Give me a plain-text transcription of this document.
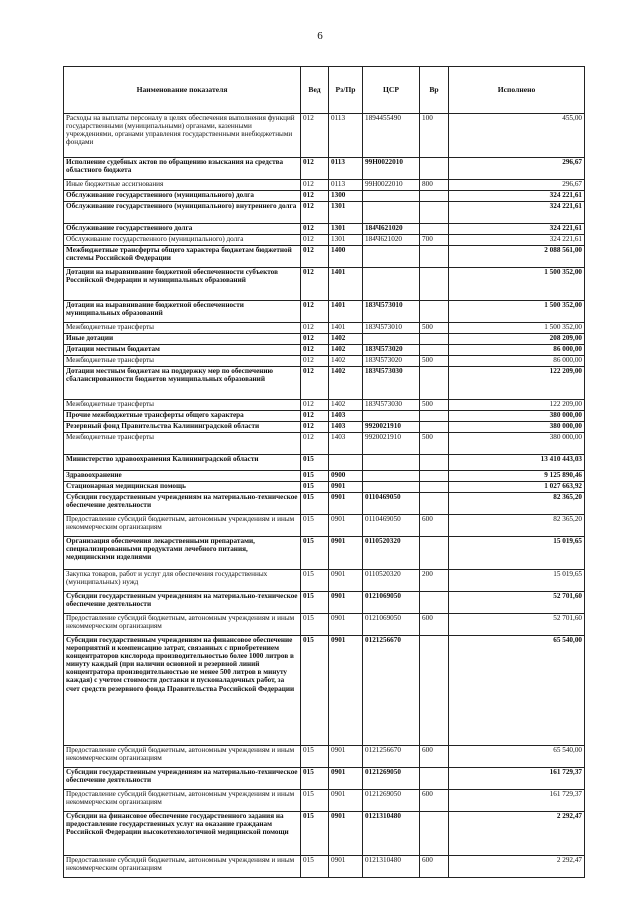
6
Наименование показателя	Вед	Рз/Пр	ЦСР	Вр	Исполнено
Расходы на выплаты персоналу в целях обеспечения выполнения функций государственными (муниципальными) органами, казенными учреждениями, органами управления государственными внебюджетными фондами	012	0113	1894455490	100	455,00
Исполнение судебных актов по обращению взыскания на средства областного бюджета	012	0113	99Н0022010		296,67
Иные бюджетные ассигнования	012	0113	99Н0022010	800	296,67
Обслуживание государственного (муниципального) долга	012	1300			324 221,61
Обслуживание государственного (муниципального) внутреннего долга	012	1301			324 221,61
Обслуживание государственного долга	012	1301	184Ч621020		324 221,61
Обслуживание государственного (муниципального) долга	012	1301	184Ч621020	700	324 221,61
Межбюджетные трансферты общего характера бюджетам бюджетной системы Российской Федерации	012	1400			2 088 561,00
Дотации на выравнивание бюджетной обеспеченности субъектов Российской Федерации и муниципальных образований	012	1401			1 500 352,00
Дотации на выравнивание бюджетной обеспеченности муниципальных образований	012	1401	183Ч573010		1 500 352,00
Межбюджетные трансферты	012	1401	183Ч573010	500	1 500 352,00
Иные дотации	012	1402			208 209,00
Дотации местным бюджетам	012	1402	183Ч573020		86 000,00
Межбюджетные трансферты	012	1402	183Ч573020	500	86 000,00
Дотации местным бюджетам на поддержку мер по обеспечению сбалансированности бюджетов муниципальных образований	012	1402	183Ч573030		122 209,00
Межбюджетные трансферты	012	1402	183Ч573030	500	122 209,00
Прочие межбюджетные трансферты общего характера	012	1403			380 000,00
Резервный фонд Правительства Калининградской области	012	1403	9920021910		380 000,00
Межбюджетные трансферты	012	1403	9920021910	500	380 000,00
Министерство здравоохранения Калининградской области	015				13 410 443,03
Здравоохранение	015	0900			9 125 890,46
Стационарная медицинская помощь	015	0901			1 027 663,92
Субсидии государственным учреждениям на материально-техническое обеспечение деятельности	015	0901	0110469050		82 365,20
Предоставление субсидий бюджетным, автономным учреждениям и иным некоммерческим организациям	015	0901	0110469050	600	82 365,20
Организация обеспечения лекарственными препаратами, специализированными продуктами лечебного питания, медицинскими изделиями	015	0901	0110520320		15 019,65
Закупка товаров, работ и услуг для обеспечения государственных (муниципальных) нужд	015	0901	0110520320	200	15 019,65
Субсидии государственным учреждениям на материально-техническое обеспечение деятельности	015	0901	0121069050		52 701,60
Предоставление субсидий бюджетным, автономным учреждениям и иным некоммерческим организациям	015	0901	0121069050	600	52 701,60
Субсидии государственным учреждениям на финансовое обеспечение мероприятий и компенсацию затрат, связанных с приобретением концентраторов кислорода производительностью более 1000 литров в минуту каждый (при наличии основной и резервной линий концентратора производительностью не менее 500 литров в минуту каждая) с учетом стоимости доставки и пусконаладочных работ, за счет средств резервного фонда Правительства Российской Федерации	015	0901	0121256670		65 540,00
Предоставление субсидий бюджетным, автономным учреждениям и иным некоммерческим организациям	015	0901	0121256670	600	65 540,00
Субсидии государственным учреждениям на материально-техническое обеспечение деятельности	015	0901	0121269050		161 729,37
Предоставление субсидий бюджетным, автономным учреждениям и иным некоммерческим организациям	015	0901	0121269050	600	161 729,37
Субсидии на финансовое обеспечение государственного задания на предоставление государственных услуг на оказание гражданам Российской Федерации высокотехнологичной медицинской помощи	015	0901	0121310480		2 292,47
Предоставление субсидий бюджетным, автономным учреждениям и иным некоммерческим организациям	015	0901	0121310480	600	2 292,47
